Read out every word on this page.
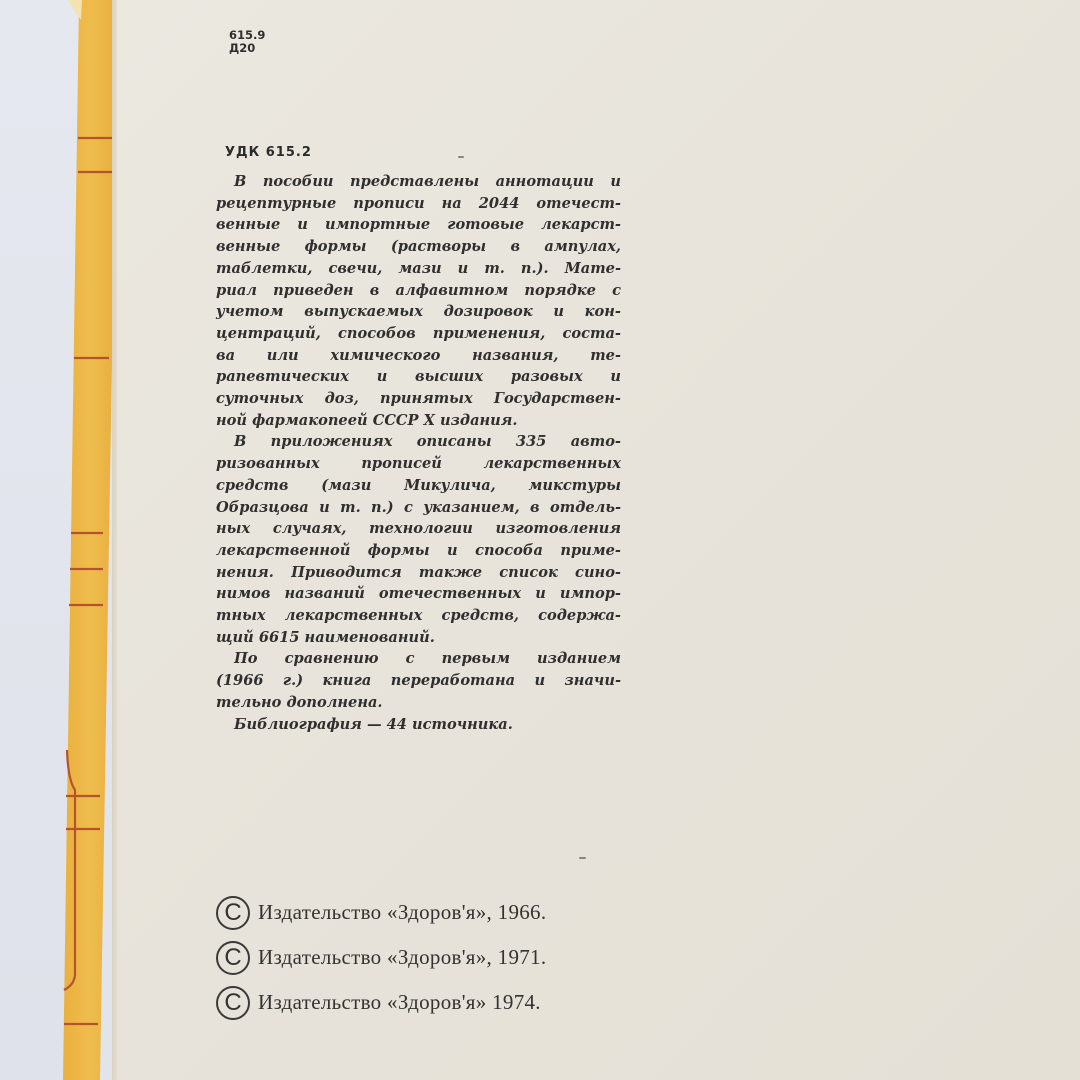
615.9
Д20
УДК 615.2
В пособии представлены аннотации и
рецептурные прописи на 2044 отечест-
венные и импортные готовые лекарст-
венные формы (растворы в ампулах,
таблетки, свечи, мази и т. п.). Мате-
риал приведен в алфавитном порядке с
учетом выпускаемых дозировок и кон-
центраций, способов применения, соста-
ва или химического названия, те-
рапевтических и высших разовых и
суточных доз, принятых Государствен-
ной фармакопеей СССР X издания.
В приложениях описаны 335 авто-
ризованных прописей лекарственных
средств (мази Микулича, микстуры
Образцова и т. п.) с указанием, в отдель-
ных случаях, технологии изготовления
лекарственной формы и способа приме-
нения. Приводится также список сино-
нимов названий отечественных и импор-
тных лекарственных средств, содержа-
щий 6615 наименований.
По сравнению с первым изданием
(1966 г.) книга переработана и значи-
тельно дополнена.
Библиография — 44 источника.
C Издательство «Здоров'я», 1966.
C Издательство «Здоров'я», 1971.
C Издательство «Здоров'я» 1974.
